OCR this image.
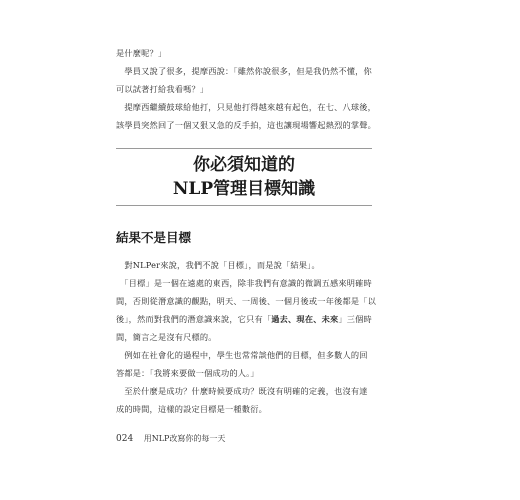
是什麼呢？」
　學員又說了很多，提摩西說：「雖然你說很多，但是我仍然不懂，你
可以試著打給我看嗎？」
　提摩西繼續鼓球給他打，只見他打得越來越有起色，在七、八球後，
該學員突然回了一個又狠又急的反手拍，這也讓現場響起熱烈的掌聲。

你必須知道的
NLP管理目標知識
結果不是目標

　對NLPer來說，我們不說「目標」，而是說「結果」。
　「目標」是一個在遠處的東西，除非我們有意識的微調五感來明確時
間，否則從潛意識的觀點，明天、一周後、一個月後或一年後都是「以
後」，然而對我們的潛意識來說，它只有「過去、現在、未來」三個時
間，簡言之是沒有尺標的。
　例如在社會化的過程中，學生也常常談他們的目標，但多數人的回
答都是：「我將來要做一個成功的人。」
　至於什麼是成功？什麼時候要成功？既沒有明確的定義，也沒有達
成的時間，這樣的設定目標是一種數衍。

024 用NLP改寫你的每一天
